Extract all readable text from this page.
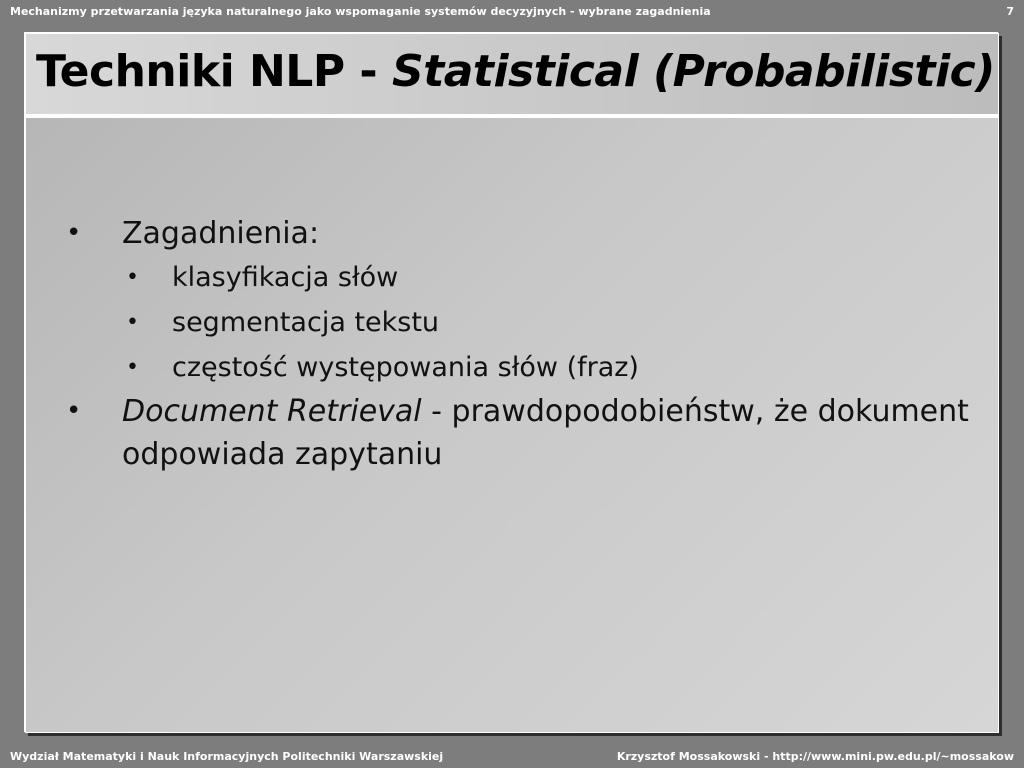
Mechanizmy przetwarzania języka naturalnego jako wspomaganie systemów decyzyjnych - wybrane zagadnienia	7
Techniki NLP - Statistical (Probabilistic)
• Zagadnienia:
• klasyfikacja słów
• segmentacja tekstu
• częstość występowania słów (fraz)
• Document Retrieval - prawdopodobieństw, że dokument
odpowiada zapytaniu
Wydział Matematyki i Nauk Informacyjnych Politechniki Warszawskiej	Krzysztof Mossakowski - http://www.mini.pw.edu.pl/~mossakow
